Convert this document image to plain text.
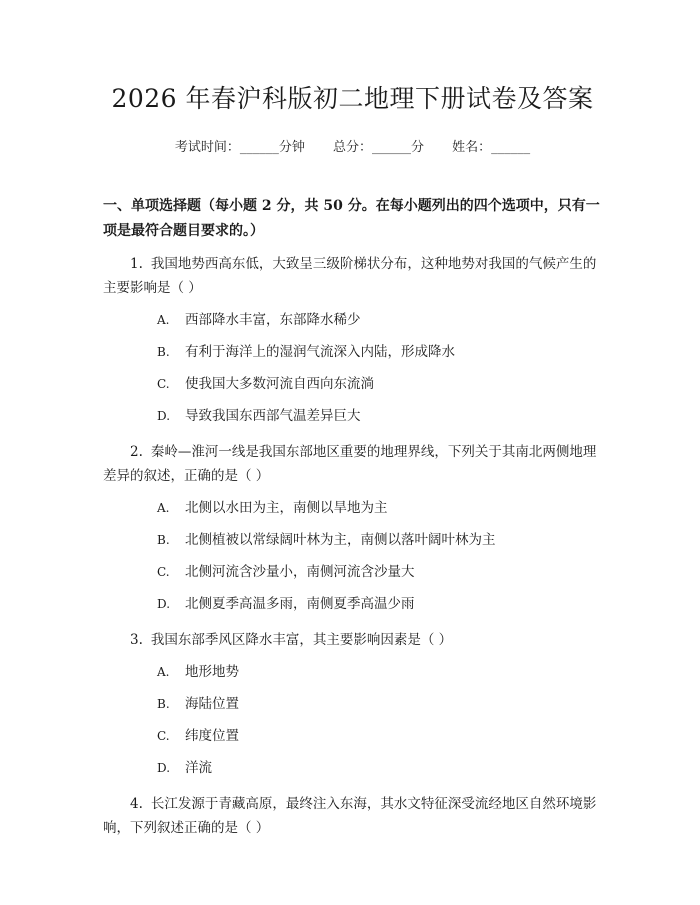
2026 年春沪科版初二地理下册试卷及答案
考试时间：______分钟 总分：______分 姓名：______
一、单项选择题（每小题 2 分，共 50 分。在每小题列出的四个选项中，只有一项是最符合题目要求的。）

1. 我国地势西高东低，大致呈三级阶梯状分布，这种地势对我国的气候产生的主要影响是（ ）

A. 西部降水丰富，东部降水稀少
B. 有利于海洋上的湿润气流深入内陆，形成降水
C. 使我国大多数河流自西向东流淌
D. 导致我国东西部气温差异巨大

2. 秦岭—淮河一线是我国东部地区重要的地理界线，下列关于其南北两侧地理差异的叙述，正确的是（ ）

A. 北侧以水田为主，南侧以旱地为主
B. 北侧植被以常绿阔叶林为主，南侧以落叶阔叶林为主
C. 北侧河流含沙量小，南侧河流含沙量大
D. 北侧夏季高温多雨，南侧夏季高温少雨

3. 我国东部季风区降水丰富，其主要影响因素是（ ）

A. 地形地势
B. 海陆位置
C. 纬度位置
D. 洋流

4. 长江发源于青藏高原，最终注入东海，其水文特征深受流经地区自然环境影响，下列叙述正确的是（ ）
